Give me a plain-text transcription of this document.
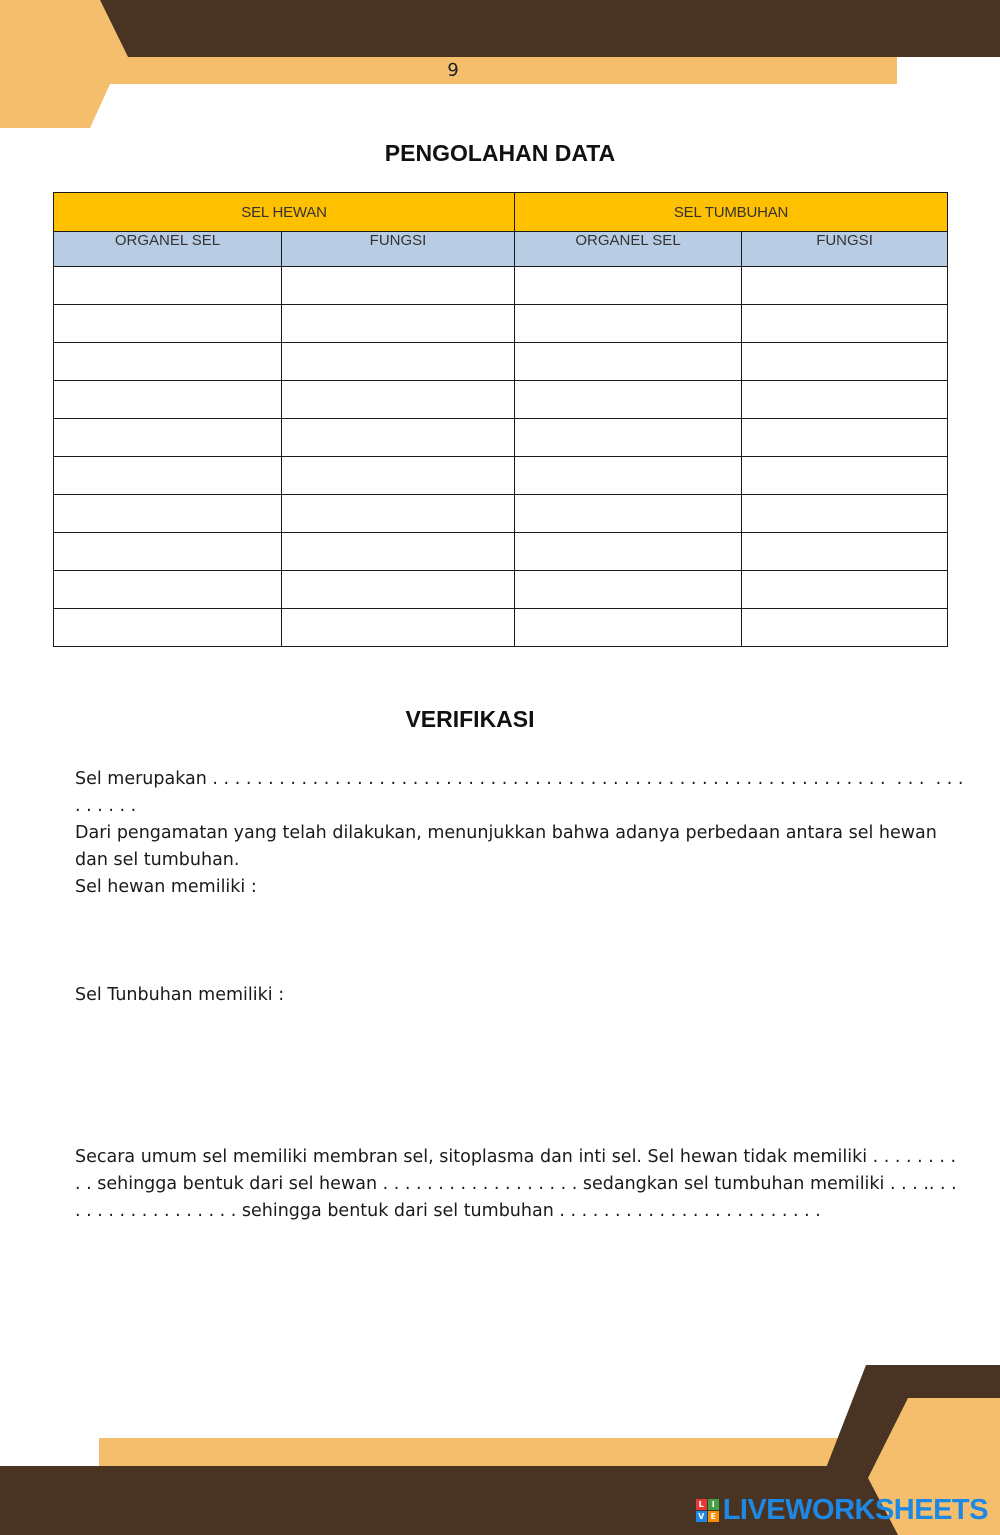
6
PENGOLAHAN DATA
SEL HEWAN		SEL TUMBUHAN	
ORGANEL SEL	FUNGSI	ORGANEL SEL	FUNGSI

VERIFIKASI

Sel merupakan . . . . . . . . . . . . . . . . . . . . . . . . . . . . . . . . . . . . . . . . . . . . . . . . . . . . . . . . . . . . .  . . .  . . . . . . . . .

Dari pengamatan yang telah dilakukan, menunjukkan bahwa adanya perbedaan antara sel hewan dan sel tumbuhan.

Sel hewan memiliki :

Sel Tunbuhan memiliki :

Secara umum sel memiliki membran sel, sitoplasma dan inti sel. Sel hewan tidak memiliki . . . . . . . . . . sehingga bentuk dari sel hewan . . . . . . . . . . . . . . . . . . sedangkan sel tumbuhan memiliki . . . .. . . . . . . . . . . . . . . . . . sehingga bentuk dari sel tumbuhan . . . . . . . . . . . . . . . . . . . . . . . .

L I
V E LIVEWORKSHEETS
